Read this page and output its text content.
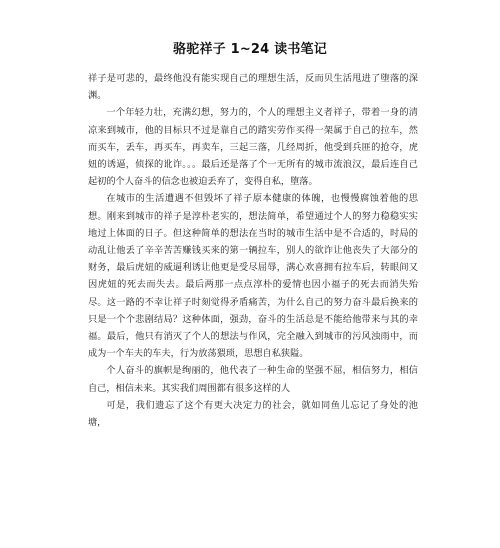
骆驼祥子 1~24 读书笔记

祥子是可悲的，最终他没有能实现自己的理想生活，反而贝生活甩进了堕落的深渊。

一个年轻力壮，充满幻想，努力的，个人的理想主义者祥子，带着一身的清凉来到城市，他的目标只不过是靠自己的踏实劳作买得一架属于自己的拉车，然而买车，丢车，再买车，再卖车，三起三落，几经周折，他受到兵匪的抢夺，虎妞的诱逼，侦探的讹诈。。。最后还是落了个一无所有的城市流浪汉，最后连自己起初的个人奋斗的信念也被迫丢弃了，变得自私，堕落。

在城市的生活遭遇不但毁坏了祥子原本健康的体魄，也慢慢腐蚀着他的思想。刚来到城市的祥子是淳朴老实的，想法简单，希望通过个人的努力稳稳实实地过上体面的日子。但这种简单的想法在当时的城市生活中是不合适的，时局的动乱让他丢了辛辛苦苦赚钱买来的第一辆拉车，别人的欲诈让他丧失了大部分的财务，最后虎妞的威逼利诱让他更是受尽屈辱，满心欢喜拥有拉车后，转眼间又因虎妞的死去而失去。最后两那一点点淳朴的爱情也因小福子的死去而消失殆尽。这一路的不幸让祥子时刻觉得矛盾痛苦，为什么自己的努力奋斗最后换来的只是一个个悲剧结局？这种体面，强劲，奋斗的生活总是不能给他带来与其的幸福。最后，他只有消灭了个人的想法与作风，完全融入到城市的污风浊雨中，而成为一个车夫的车夫，行为放荡猥琐，思想自私狭隘。

个人奋斗的旗帜是绚丽的，他代表了一种生命的坚强不屈，相信努力，相信自己，相信未来。其实我们周围都有很多这样的人

可是，我们遗忘了这个有更大决定力的社会，就如同鱼儿忘记了身处的池塘，
